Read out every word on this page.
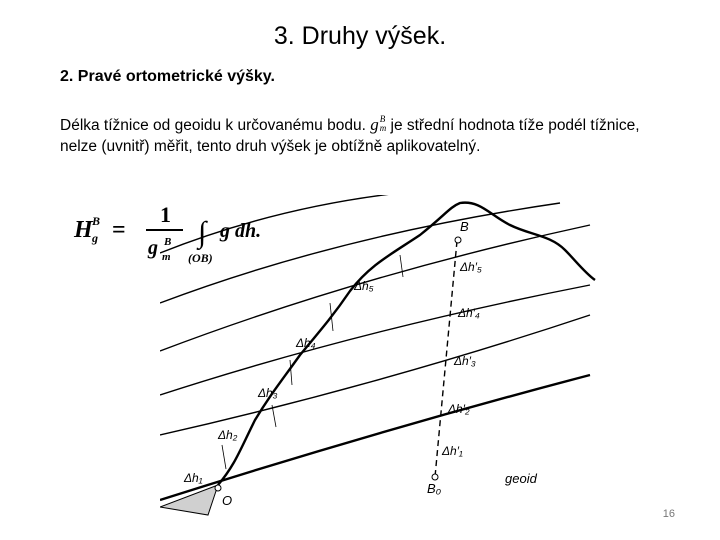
3. Druhy výšek.
2. Pravé ortometrické výšky.
Délka tížnice od geoidu k určovanému bodu. gB
m je střední hodnota tíže podél tížnice, nelze (uvnitř) měřit, tento druh výšek je obtížně aplikovatelný.
H B
g =
1
g B
m
∫
(OB)
g dh.	B
B₀
O
geoid
Δh₁
Δh₂
Δh₃
Δh₄
Δh₅
Δh′₁
Δh′₂
Δh′₃
Δh′₄
Δh′₅
16
